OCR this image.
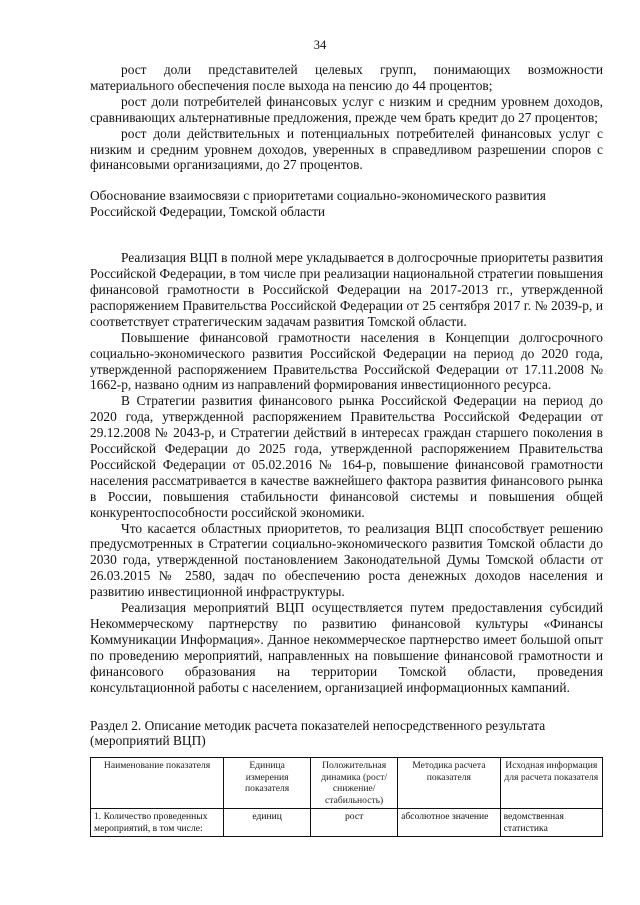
34

рост доли представителей целевых групп, понимающих возможности материального обеспечения после выхода на пенсию до 44 процентов;

рост доли потребителей финансовых услуг с низким и средним уровнем доходов, сравнивающих альтернативные предложения, прежде чем брать кредит до 27 процентов;

рост доли действительных и потенциальных потребителей финансовых услуг с низким и средним уровнем доходов, уверенных в справедливом разрешении споров с финансовыми организациями, до 27 процентов.

Обоснование взаимосвязи с приоритетами социально-экономического развития
Российской Федерации, Томской области

Реализация ВЦП в полной мере укладывается в долгосрочные приоритеты развития Российской Федерации, в том числе при реализации национальной стратегии повышения финансовой грамотности в Российской Федерации на 2017-2013 гг., утвержденной распоряжением Правительства Российской Федерации от 25 сентября 2017 г. № 2039-р, и соответствует стратегическим задачам развития Томской области.

Повышение финансовой грамотности населения в Концепции долгосрочного социально-экономического развития Российской Федерации на период до 2020 года, утвержденной распоряжением Правительства Российской Федерации от 17.11.2008 № 1662-р, названо одним из направлений формирования инвестиционного ресурса.

В Стратегии развития финансового рынка Российской Федерации на период до 2020 года, утвержденной распоряжением Правительства Российской Федерации от 29.12.2008 № 2043-р, и Стратегии действий в интересах граждан старшего поколения в Российской Федерации до 2025 года, утвержденной распоряжением Правительства Российской Федерации от 05.02.2016 № 164-р, повышение финансовой грамотности населения рассматривается в качестве важнейшего фактора развития финансового рынка в России, повышения стабильности финансовой системы и повышения общей конкурентоспособности российской экономики.

Что касается областных приоритетов, то реализация ВЦП способствует решению предусмотренных в Стратегии социально-экономического развития Томской области до 2030 года, утвержденной постановлением Законодательной Думы Томской области от 26.03.2015 № 2580, задач по обеспечению роста денежных доходов населения и развитию инвестиционной инфраструктуры.

Реализация мероприятий ВЦП осуществляется путем предоставления субсидий Некоммерческому партнерству по развитию финансовой культуры «Финансы Коммуникации Информация». Данное некоммерческое партнерство имеет большой опыт по проведению мероприятий, направленных на повышение финансовой грамотности и финансового образования на территории Томской области, проведения консультационной работы с населением, организацией информационных кампаний.

Раздел 2. Описание методик расчета показателей непосредственного результата
(мероприятий ВЦП)

Наименование показателя	Единица измерения показателя	Положительная динамика (рост/снижение/стабильность)	Методика расчета показателя	Исходная информация для расчета показателя
1. Количество проведенных мероприятий, в том числе:	единиц	рост	абсолютное значение	ведомственная статистика
